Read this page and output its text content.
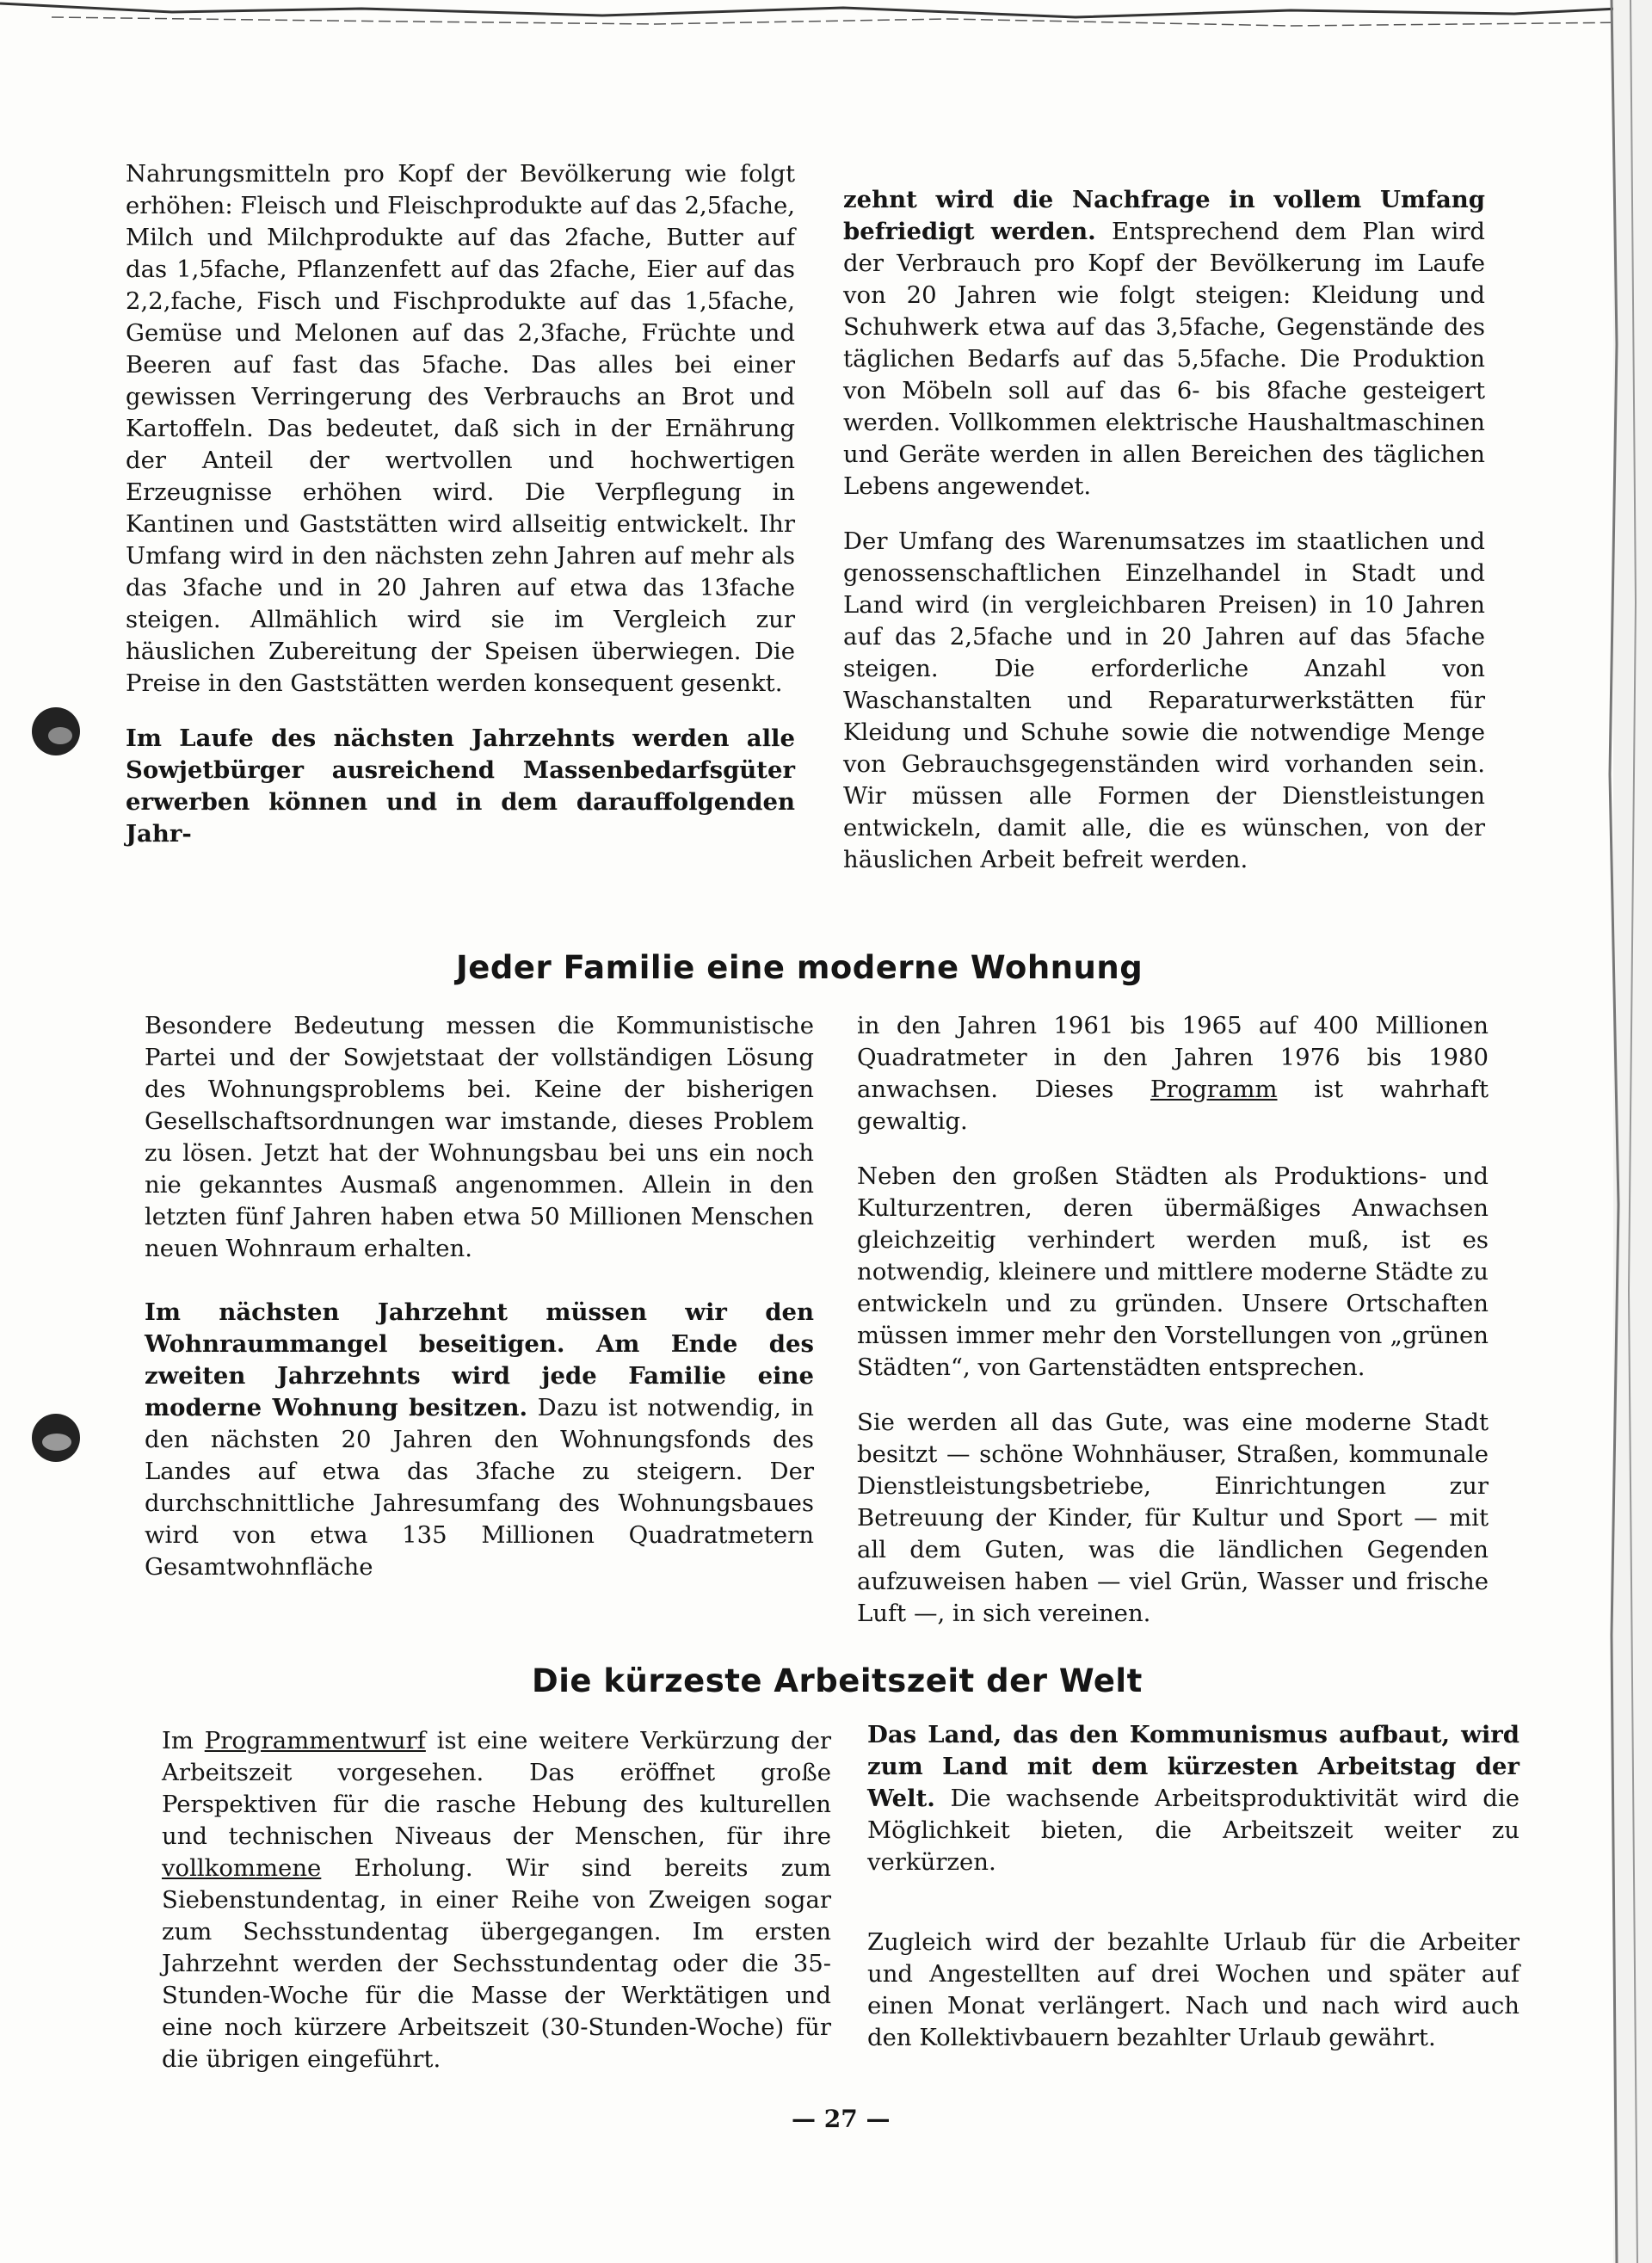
Nahrungsmitteln pro Kopf der Bevölkerung wie folgt erhöhen: Fleisch und Fleischprodukte auf das 2,5fache, Milch und Milchprodukte auf das 2fache, Butter auf das 1,5fache, Pflanzenfett auf das 2fache, Eier auf das 2,2,fache, Fisch und Fischprodukte auf das 1,5fache, Gemüse und Melonen auf das 2,3fache, Früchte und Beeren auf fast das 5fache. Das alles bei einer gewissen Verringerung des Verbrauchs an Brot und Kartoffeln. Das bedeutet, daß sich in der Ernährung der Anteil der wertvollen und hochwertigen Erzeugnisse erhöhen wird. Die Verpflegung in Kantinen und Gaststätten wird allseitig entwickelt. Ihr Umfang wird in den nächsten zehn Jahren auf mehr als das 3fache und in 20 Jahren auf etwa das 13fache steigen. Allmählich wird sie im Vergleich zur häuslichen Zubereitung der Speisen überwiegen. Die Preise in den Gaststätten werden konsequent gesenkt.

Im Laufe des nächsten Jahrzehnts werden alle Sowjetbürger ausreichend Massenbedarfsgüter erwerben können und in dem darauffolgenden Jahr-

zehnt wird die Nachfrage in vollem Umfang befriedigt werden. Entsprechend dem Plan wird der Verbrauch pro Kopf der Bevölkerung im Laufe von 20 Jahren wie folgt steigen: Kleidung und Schuhwerk etwa auf das 3,5fache, Gegenstände des täglichen Bedarfs auf das 5,5fache. Die Produktion von Möbeln soll auf das 6- bis 8fache gesteigert werden. Vollkommen elektrische Haushaltmaschinen und Geräte werden in allen Bereichen des täglichen Lebens angewendet.

Der Umfang des Warenumsatzes im staatlichen und genossenschaftlichen Einzelhandel in Stadt und Land wird (in vergleichbaren Preisen) in 10 Jahren auf das 2,5fache und in 20 Jahren auf das 5fache steigen. Die erforderliche Anzahl von Waschanstalten und Reparaturwerkstätten für Kleidung und Schuhe sowie die notwendige Menge von Gebrauchsgegenständen wird vorhanden sein. Wir müssen alle Formen der Dienstleistungen entwickeln, damit alle, die es wünschen, von der häuslichen Arbeit befreit werden.

Jeder Familie eine moderne Wohnung

Besondere Bedeutung messen die Kommunistische Partei und der Sowjetstaat der vollständigen Lösung des Wohnungsproblems bei. Keine der bisherigen Gesellschaftsordnungen war imstande, dieses Problem zu lösen. Jetzt hat der Wohnungsbau bei uns ein noch nie gekanntes Ausmaß angenommen. Allein in den letzten fünf Jahren haben etwa 50 Millionen Menschen neuen Wohnraum erhalten.

Im nächsten Jahrzehnt müssen wir den Wohnraummangel beseitigen. Am Ende des zweiten Jahrzehnts wird jede Familie eine moderne Wohnung besitzen. Dazu ist notwendig, in den nächsten 20 Jahren den Wohnungsfonds des Landes auf etwa das 3fache zu steigern. Der durchschnittliche Jahresumfang des Wohnungsbaues wird von etwa 135 Millionen Quadratmetern Gesamtwohnfläche

in den Jahren 1961 bis 1965 auf 400 Millionen Quadratmeter in den Jahren 1976 bis 1980 anwachsen. Dieses Programm ist wahrhaft gewaltig.

Neben den großen Städten als Produktions- und Kulturzentren, deren übermäßiges Anwachsen gleichzeitig verhindert werden muß, ist es notwendig, kleinere und mittlere moderne Städte zu entwickeln und zu gründen. Unsere Ortschaften müssen immer mehr den Vorstellungen von „grünen Städten“, von Gartenstädten entsprechen.

Sie werden all das Gute, was eine moderne Stadt besitzt — schöne Wohnhäuser, Straßen, kommunale Dienstleistungsbetriebe, Einrichtungen zur Betreuung der Kinder, für Kultur und Sport — mit all dem Guten, was die ländlichen Gegenden aufzuweisen haben — viel Grün, Wasser und frische Luft —, in sich vereinen.

Die kürzeste Arbeitszeit der Welt

Im Programmentwurf ist eine weitere Verkürzung der Arbeitszeit vorgesehen. Das eröffnet große Perspektiven für die rasche Hebung des kulturellen und technischen Niveaus der Menschen, für ihre vollkommene Erholung. Wir sind bereits zum Siebenstundentag, in einer Reihe von Zweigen sogar zum Sechsstundentag übergegangen. Im ersten Jahrzehnt werden der Sechsstundentag oder die 35-Stunden-Woche für die Masse der Werktätigen und eine noch kürzere Arbeitszeit (30-Stunden-Woche) für die übrigen eingeführt.

Das Land, das den Kommunismus aufbaut, wird zum Land mit dem kürzesten Arbeitstag der Welt. Die wachsende Arbeitsproduktivität wird die Möglichkeit bieten, die Arbeitszeit weiter zu verkürzen.

Zugleich wird der bezahlte Urlaub für die Arbeiter und Angestellten auf drei Wochen und später auf einen Monat verlängert. Nach und nach wird auch den Kollektivbauern bezahlter Urlaub gewährt.

— 27 —
